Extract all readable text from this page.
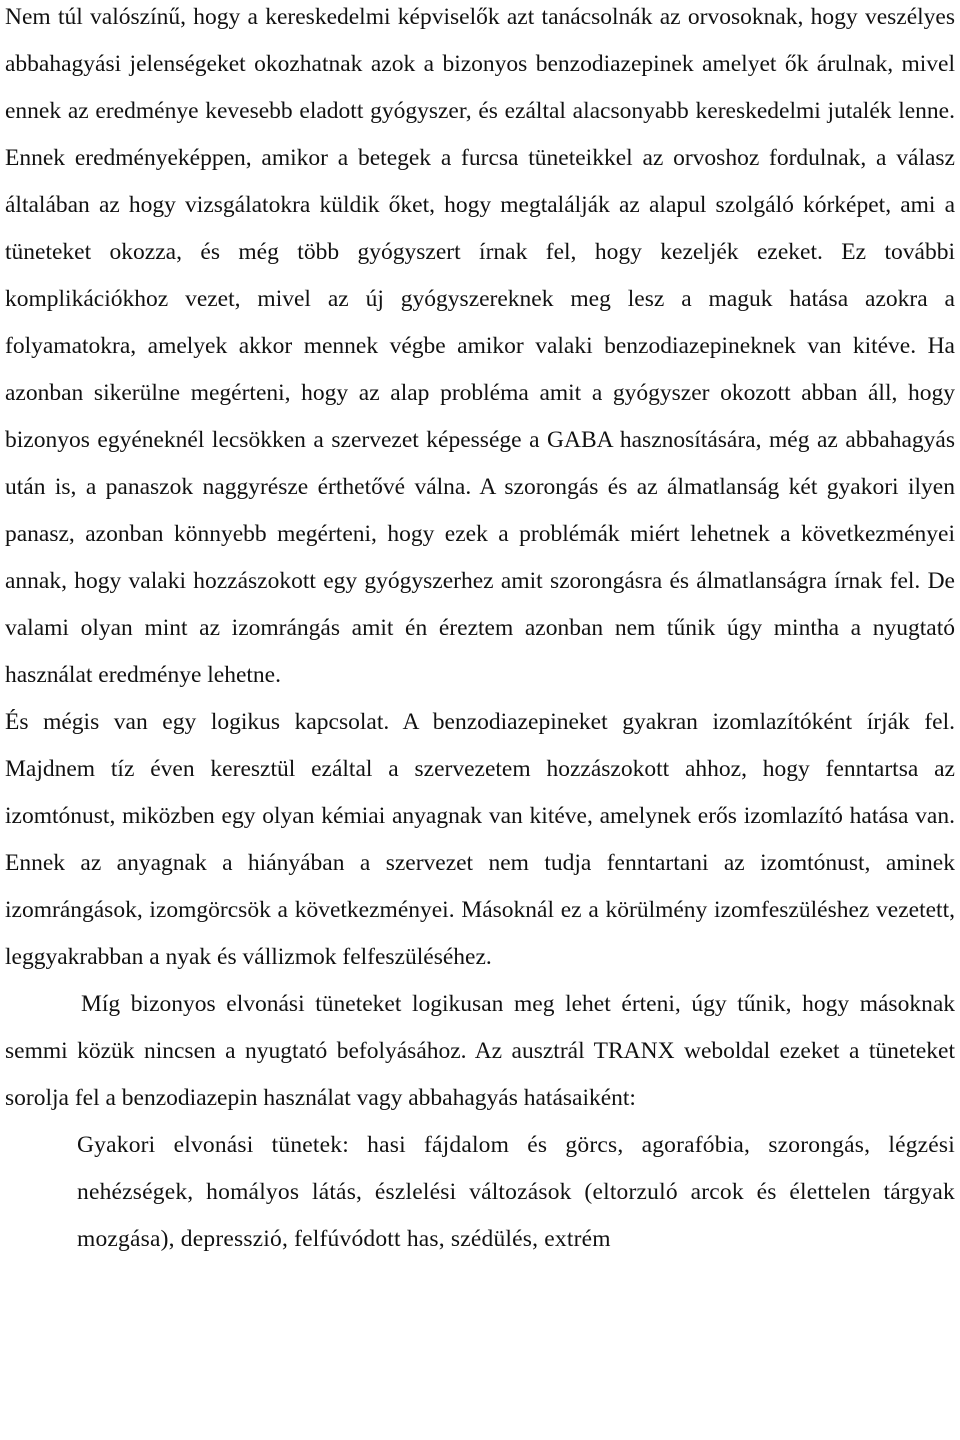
Nem túl valószínű, hogy a kereskedelmi képviselők azt tanácsolnák az orvosoknak, hogy veszélyes abbahagyási jelenségeket okozhatnak azok a bizonyos benzodiazepinek amelyet ők árulnak, mivel ennek az eredménye kevesebb eladott gyógyszer, és ezáltal alacsonyabb kereskedelmi jutalék lenne. Ennek eredményeképpen, amikor a betegek a furcsa tüneteikkel az orvoshoz fordulnak, a válasz általában az hogy vizsgálatokra küldik őket, hogy megtalálják az alapul szolgáló kórképet, ami a tüneteket okozza, és még több gyógyszert írnak fel, hogy kezeljék ezeket. Ez további komplikációkhoz vezet, mivel az új gyógyszereknek meg lesz a maguk hatása azokra a folyamatokra, amelyek akkor mennek végbe amikor valaki benzodiazepineknek van kitéve. Ha azonban sikerülne megérteni, hogy az alap probléma amit a gyógyszer okozott abban áll, hogy bizonyos egyéneknél lecsökken a szervezet képessége a GABA hasznosítására, még az abbahagyás után is, a panaszok naggyrésze érthetővé válna. A szorongás és az álmatlanság két gyakori ilyen panasz, azonban könnyebb megérteni, hogy ezek a problémák miért lehetnek a következményei annak, hogy valaki hozzászokott egy gyógyszerhez amit szorongásra és álmatlanságra írnak fel. De valami olyan mint az izomrángás amit én éreztem azonban nem tűnik úgy mintha a nyugtató használat eredménye lehetne.

És mégis van egy logikus kapcsolat. A benzodiazepineket gyakran izomlazítóként írják fel. Majdnem tíz éven keresztül ezáltal a szervezetem hozzászokott ahhoz, hogy fenntartsa az izomtónust, miközben egy olyan kémiai anyagnak van kitéve, amelynek erős izomlazító hatása van. Ennek az anyagnak a hiányában a szervezet nem tudja fenntartani az izomtónust, aminek izomrángások, izomgörcsök a következményei. Másoknál ez a körülmény izomfeszüléshez vezetett, leggyakrabban a nyak és vállizmok felfeszüléséhez.

Míg bizonyos elvonási tüneteket logikusan meg lehet érteni, úgy tűnik, hogy másoknak semmi közük nincsen a nyugtató befolyásához. Az ausztrál TRANX weboldal ezeket a tüneteket sorolja fel a benzodiazepin használat vagy abbahagyás hatásaiként:

Gyakori elvonási tünetek: hasi fájdalom és görcs, agorafóbia, szorongás, légzési nehézségek, homályos látás, észlelési változások (eltorzuló arcok és élettelen tárgyak mozgása), depresszió, felfúvódott has, szédülés, extrém
